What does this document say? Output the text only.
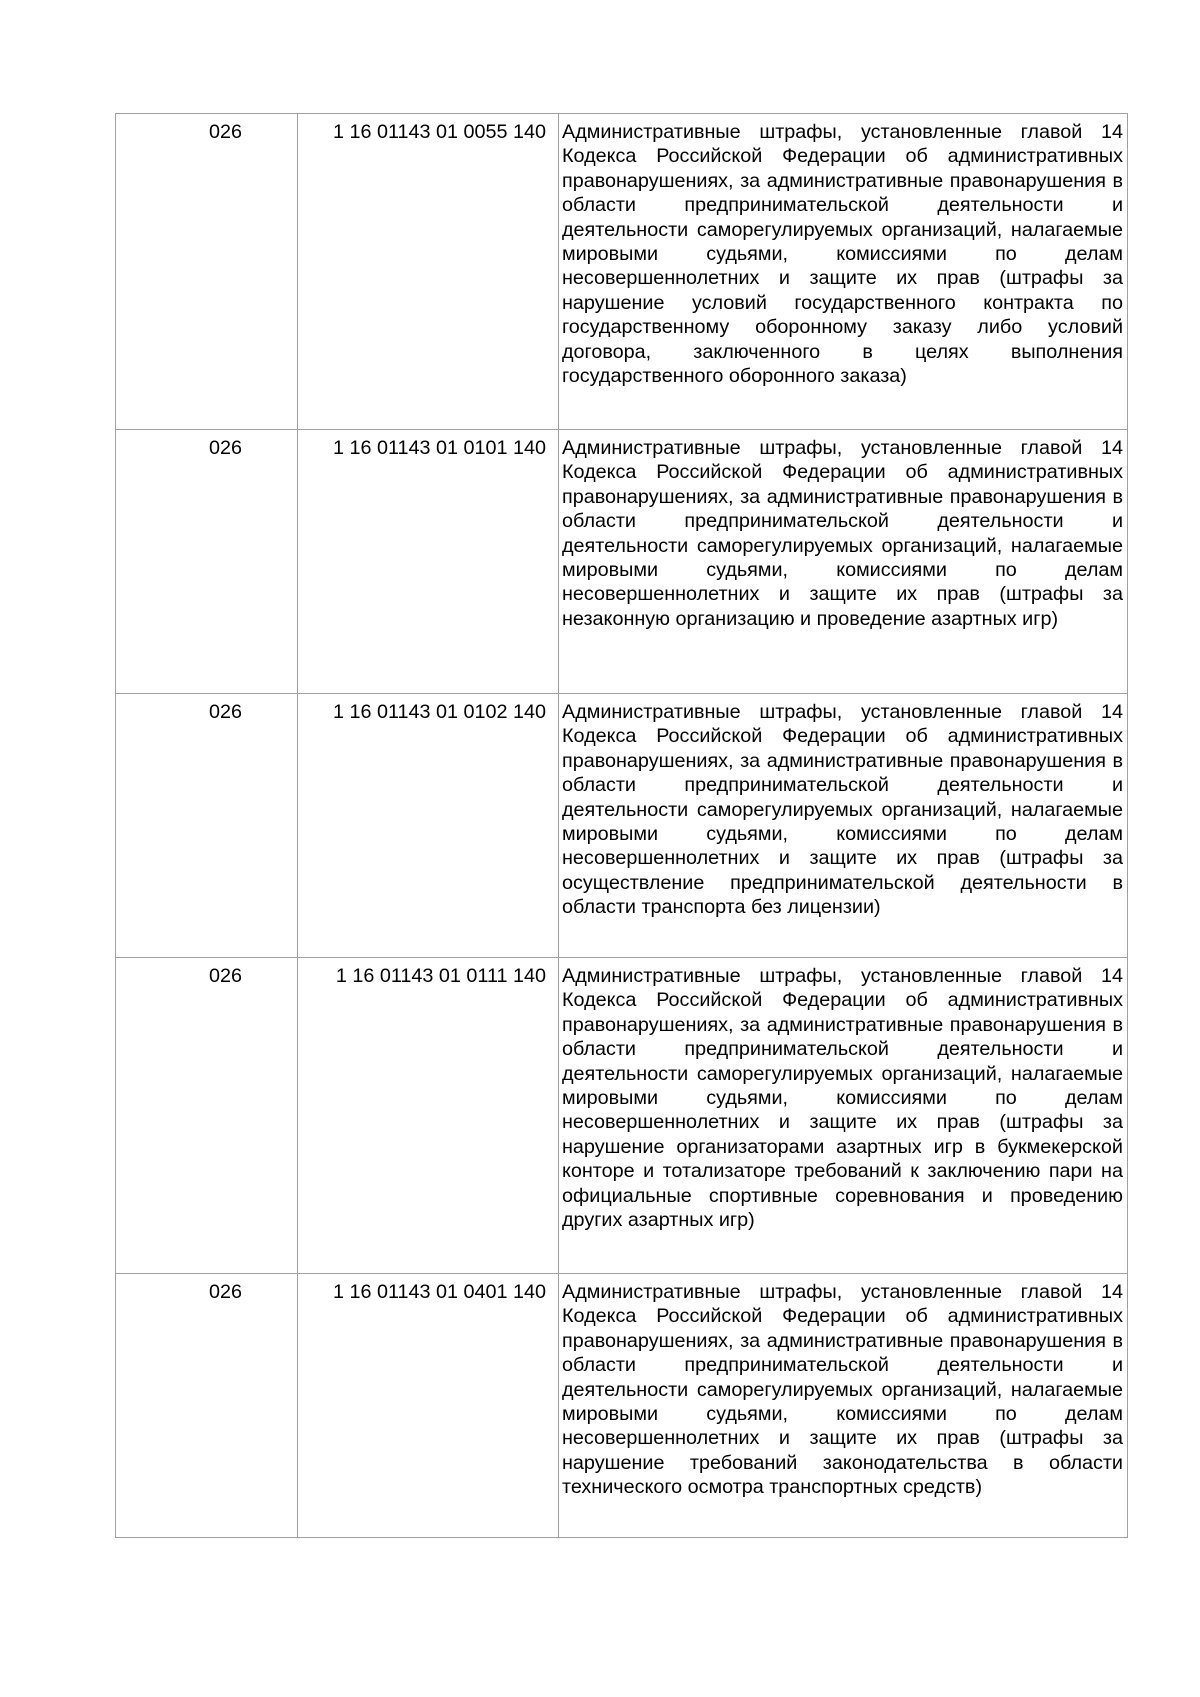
026	1 16 01143 01 0055 140	Административные штрафы, установленные главой 14 Кодекса Российской Федерации об административных правонарушениях, за административные правонарушения в области предпринимательской деятельности и деятельности саморегулируемых организаций, налагаемые мировыми судьями, комиссиями по делам несовершеннолетних и защите их прав (штрафы за нарушение условий государственного контракта по государственному оборонному заказу либо условий договора, заключенного в целях выполнения государственного оборонного заказа)
026	1 16 01143 01 0101 140	Административные штрафы, установленные главой 14 Кодекса Российской Федерации об административных правонарушениях, за административные правонарушения в области предпринимательской деятельности и деятельности саморегулируемых организаций, налагаемые мировыми судьями, комиссиями по делам несовершеннолетних и защите их прав (штрафы за незаконную организацию и проведение азартных игр)
026	1 16 01143 01 0102 140	Административные штрафы, установленные главой 14 Кодекса Российской Федерации об административных правонарушениях, за административные правонарушения в области предпринимательской деятельности и деятельности саморегулируемых организаций, налагаемые мировыми судьями, комиссиями по делам несовершеннолетних и защите их прав (штрафы за осуществление предпринимательской деятельности в области транспорта без лицензии)
026	1 16 01143 01 0111 140	Административные штрафы, установленные главой 14 Кодекса Российской Федерации об административных правонарушениях, за административные правонарушения в области предпринимательской деятельности и деятельности саморегулируемых организаций, налагаемые мировыми судьями, комиссиями по делам несовершеннолетних и защите их прав (штрафы за нарушение организаторами азартных игр в букмекерской конторе и тотализаторе требований к заключению пари на официальные спортивные соревнования и проведению других азартных игр)
026	1 16 01143 01 0401 140	Административные штрафы, установленные главой 14 Кодекса Российской Федерации об административных правонарушениях, за административные правонарушения в области предпринимательской деятельности и деятельности саморегулируемых организаций, налагаемые мировыми судьями, комиссиями по делам несовершеннолетних и защите их прав (штрафы за нарушение требований законодательства в области технического осмотра транспортных средств)
